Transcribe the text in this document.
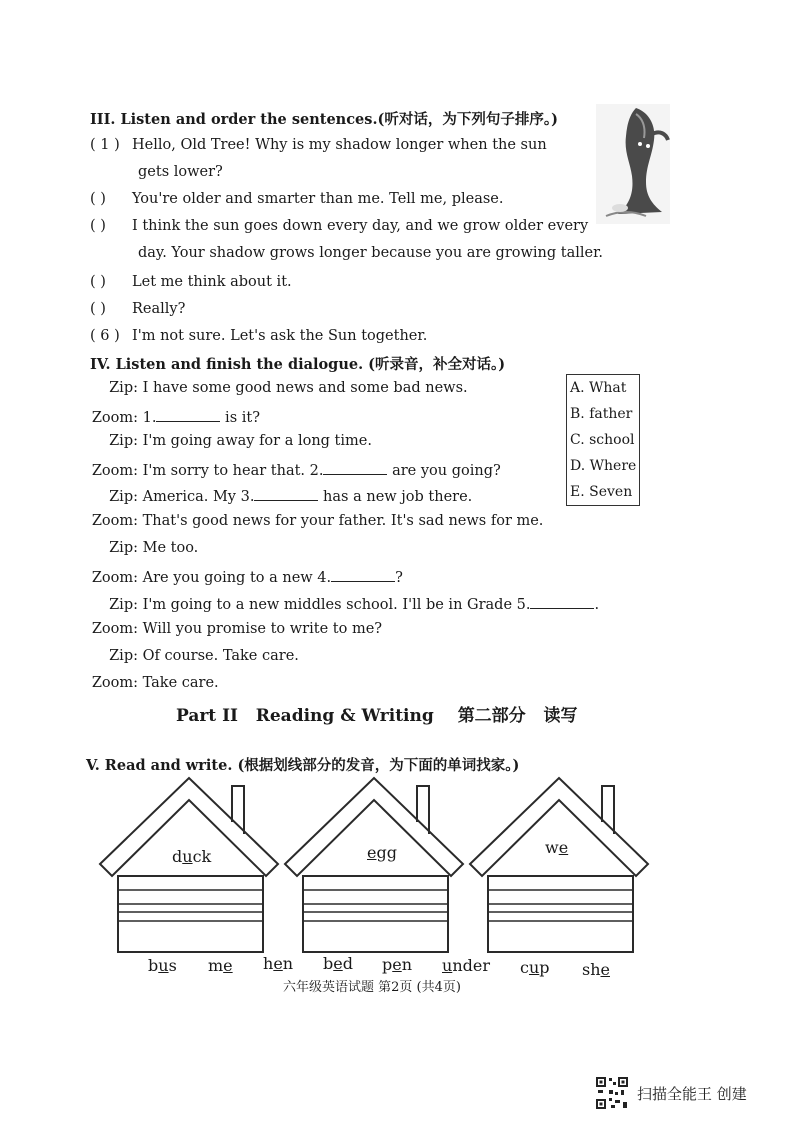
III. Listen and order the sentences.(听对话，为下列句子排序。)
( 1 ) Hello, Old Tree! Why is my shadow longer when the sun
gets lower?
( ) You're older and smarter than me. Tell me, please.
( ) I think the sun goes down every day, and we grow older every
day. Your shadow grows longer because you are growing taller.
( ) Let me think about it.
( ) Really?
( 6 ) I'm not sure. Let's ask the Sun together.
IV. Listen and finish the dialogue. (听录音，补全对话。)
A. What
B. father
C. school
D. Where
E. Seven
Zip: I have some good news and some bad news.
Zoom: 1.	is it?
Zip: I'm going away for a long time.
Zoom: I'm sorry to hear that. 2.	are you going?
Zip: America. My 3.	has a new job there.
Zoom: That's good news for your father. It's sad news for me.
Zip: Me too.
Zoom: Are you going to a new 4.	?
Zip: I'm going to a new middles school. I'll be in Grade 5.	.
Zoom: Will you promise to write to me?
Zip: Of course. Take care.
Zoom: Take care.
Part II   Reading & Writing 第二部分   读写
V. Read and write. (根据划线部分的发音，为下面的单词找家。)
duck	egg	we
bus me hen bed pen under cup she
六年级英语试题 第2页 (共4页)
扫描全能王 创建
